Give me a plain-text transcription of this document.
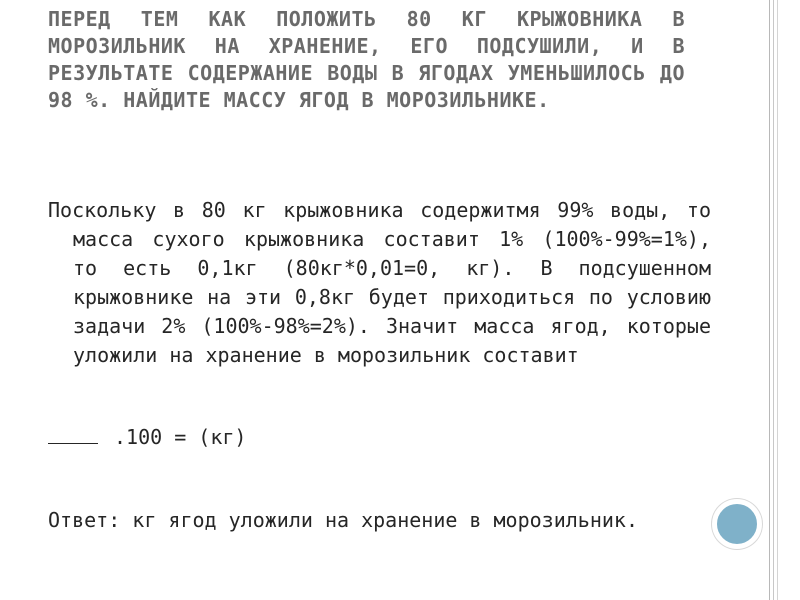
ПЕРЕД ТЕМ КАК ПОЛОЖИТЬ 80 КГ КРЫЖОВНИКА В МОРОЗИЛЬНИК НА ХРАНЕНИЕ, ЕГО ПОДСУШИЛИ, И В РЕЗУЛЬТАТЕ СОДЕРЖАНИЕ ВОДЫ В ЯГОДАХ УМЕНЬШИЛОСЬ ДО 98 %. НАЙДИТЕ МАССУ ЯГОД В МОРОЗИЛЬНИКЕ.

Поскольку в 80 кг крыжовника содержитмя 99% воды, то масса сухого крыжовника составит 1% (100%-99%=1%), то есть 0,1кг (80кг*0,01=0, кг). В подсушенном крыжовнике на эти 0,8кг будет приходиться по условию задачи 2% (100%-98%=2%). Значит масса ягод, которые уложили на хранение в морозильник составит

.100 = (кг)

Ответ: кг ягод уложили на хранение в морозильник.
